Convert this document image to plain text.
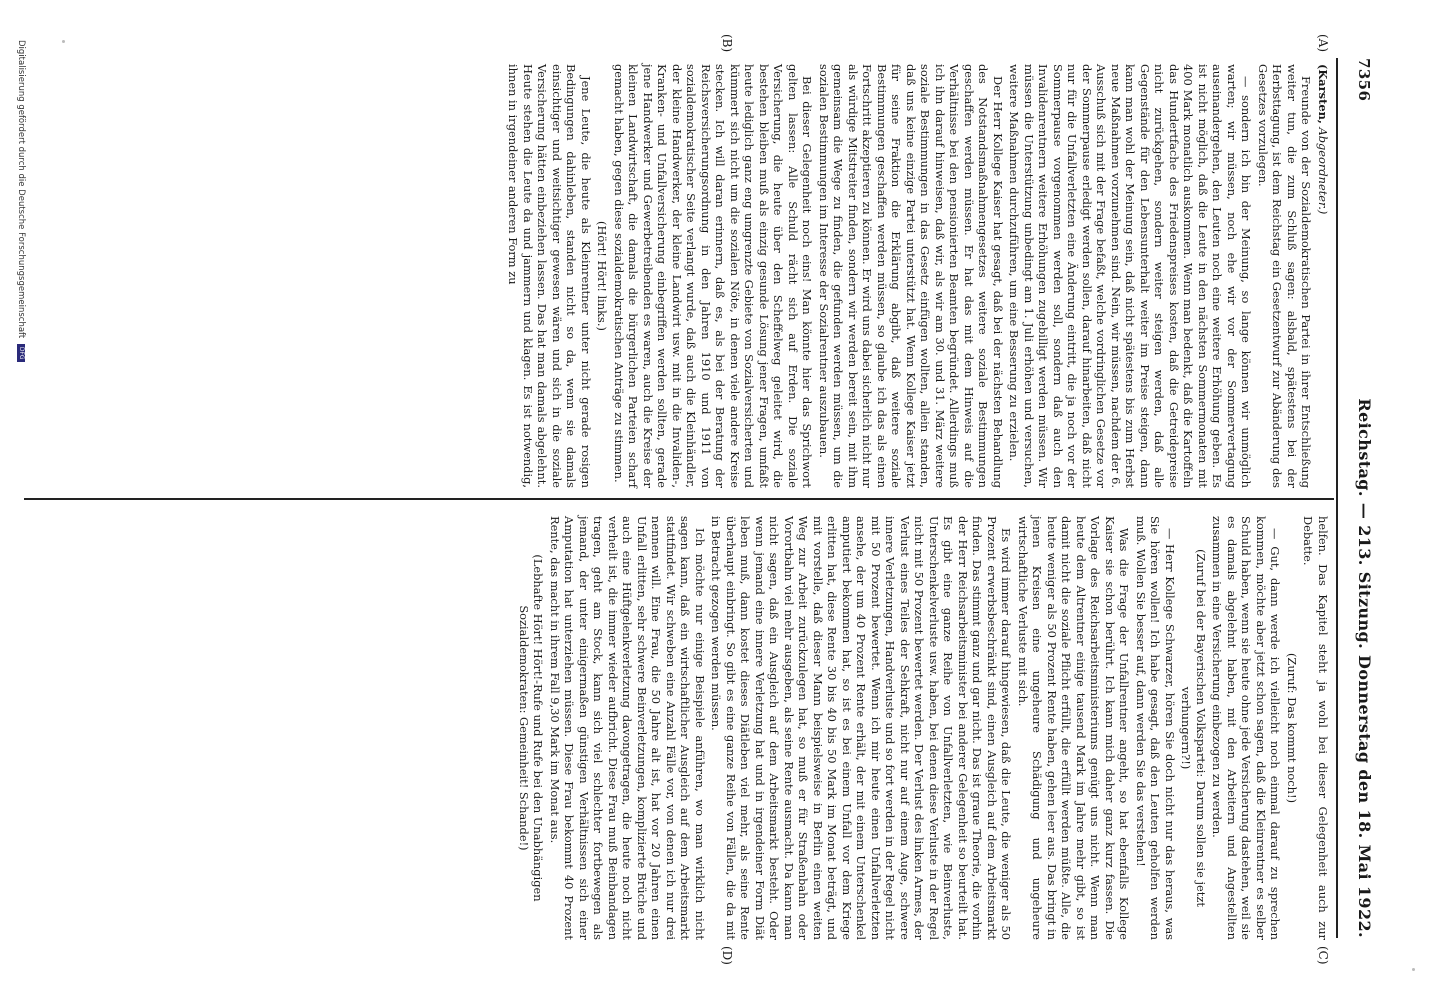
7356
Reichstag. — 213. Sitzung. Donnerstag den 18. Mai 1922.
(A)
(B)
(C)
(D)

(Karsten, Abgeordneter.)

Freunde von der Sozialdemokratischen Partei in ihrer Entschließung weiter tun, die zum Schluß sagen: alsbald, spätestens bei der Herbsttagung, ist dem Reichstag ein Gesetzentwurf zur Abänderung des Gesetzes vorzulegen.

— sondern ich bin der Meinung, so lange können wir unmöglich warten; wir müssen, noch ehe wir vor der Sommervertagung auseinandergehen, den Leuten noch eine weitere Erhöhung geben. Es ist nicht möglich, daß die Leute in den nächsten Sommermonaten mit 400 Mark monatlich auskommen. Wenn man bedenkt, daß die Kartoffeln das Hundertfache des Friedenspreises kosten, daß die Getreidepreise nicht zurückgehen, sondern weiter steigen werden, daß alle Gegenstände für den Lebensunterhalt weiter im Preise steigen, dann kann man wohl der Meinung sein, daß nicht spätestens bis zum Herbst neue Maßnahmen vorzunehmen sind. Nein, wir müssen, nachdem der 6. Ausschuß sich mit der Frage befaßt, welche vordringlichen Gesetze vor der Sommerpause erledigt werden sollen, darauf hinarbeiten, daß nicht nur für die Unfallverletzten eine Änderung eintritt, die ja noch vor der Sommerpause vorgenommen werden soll, sondern daß auch den Invalidenrentnern weitere Erhöhungen zugebilligt werden müssen. Wir müssen die Unterstützung unbedingt am 1. Juli erhöhen und versuchen, weitere Maßnahmen durchzuführen, um eine Besserung zu erzielen.

Der Herr Kollege Kaiser hat gesagt, daß bei der nächsten Behandlung des Notstandsmaßnahmengesetzes weitere soziale Bestimmungen geschaffen werden müssen. Er hat das mit dem Hinweis auf die Verhältnisse bei den pensionierten Beamten begründet. Allerdings muß ich ihn darauf hinweisen, daß wir, als wir am 30. und 31. März weitere soziale Bestimmungen in das Gesetz einfügen wollten, allein standen, daß uns keine einzige Partei unterstützt hat. Wenn Kollege Kaiser jetzt für seine Fraktion die Erklärung abgibt, daß weitere soziale Bestimmungen geschaffen werden müssen, so glaube ich das als einen Fortschritt akzeptieren zu können. Er wird uns dabei sicherlich nicht nur als würdige Mitstreiter finden, sondern wir werden bereit sein, mit ihm gemeinsam die Wege zu finden, die gefunden werden müssen, um die sozialen Bestimmungen im Interesse der Sozialrentner auszubauen.

Bei dieser Gelegenheit noch eins! Man könnte hier das Sprichwort gelten lassen: Alle Schuld rächt sich auf Erden. Die soziale Versicherung, die heute über den Scheffelweg geleitet wird, die bestehen bleiben muß als einzig gesunde Lösung jener Fragen, umfaßt heute lediglich ganz eng umgrenzte Gebiete von Sozialversicherten und kümmert sich nicht um die sozialen Nöte, in denen viele andere Kreise stecken. Ich will daran erinnern, daß es, als bei der Beratung der Reichsversicherungsordnung in den Jahren 1910 und 1911 von sozialdemokratischer Seite verlangt wurde, daß auch die Kleinhändler, der kleine Handwerker, der kleine Landwirt usw. mit in die Invaliden-, Kranken- und Unfallversicherung einbegriffen werden sollten, gerade jene Handwerker und Gewerbetreibenden es waren, auch die Kreise der kleinen Landwirtschaft, die damals die bürgerlichen Parteien scharf gemacht haben, gegen diese sozialdemokratischen Anträge zu stimmen.

(Hört! Hört! links.)

Jene Leute, die heute als Kleinrentner unter nicht gerade rosigen Bedingungen dahinleben, standen nicht so da, wenn sie damals einsichtiger und weitsichtiger gewesen wären und sich in die soziale Versicherung hätten einbeziehen lassen. Das hat man damals abgelehnt. Heute stehen die Leute da und jammern und klagen. Es ist notwendig, ihnen in irgendeiner anderen Form zu

helfen. Das Kapitel steht ja wohl bei dieser Gelegenheit auch zur Debatte.

(Zuruf: Das kommt noch!)

— Gut, dann werde ich vielleicht noch einmal darauf zu sprechen kommen, möchte aber jetzt schon sagen, daß die Kleinrentner es selber Schuld haben, wenn sie heute ohne jede Versicherung dastehen, weil sie es damals abgelehnt haben, mit den Arbeitern und Angestellten zusammen in eine Versicherung einbezogen zu werden.

(Zuruf bei der Bayerischen Volkspartei: Darum sollen sie jetzt verhungern?!)

— Herr Kollege Schwarzer, hören Sie doch nicht nur das heraus, was Sie hören wollen! Ich habe gesagt, daß den Leuten geholfen werden muß. Wollen Sie besser auf, dann werden Sie das verstehen!

Was die Frage der Unfallrentner angeht, so hat ebenfalls Kollege Kaiser sie schon berührt. Ich kann mich daher ganz kurz fassen. Die Vorlage des Reichsarbeitsministeriums genügt uns nicht. Wenn man heute dem Altrentner einige tausend Mark im Jahre mehr gibt, so ist damit nicht die soziale Pflicht erfüllt, die erfüllt werden müßte. Alle, die heute weniger als 50 Prozent Rente haben, gehen leer aus. Das bringt in jenen Kreisen eine ungeheure Schädigung und ungeheure wirtschaftliche Verluste mit sich.

Es wird immer darauf hingewiesen, daß die Leute, die weniger als 50 Prozent erwerbsbeschränkt sind, einen Ausgleich auf dem Arbeitsmarkt finden. Das stimmt ganz und gar nicht. Das ist graue Theorie, die vorhin der Herr Reichsarbeitsminister bei anderer Gelegenheit so beurteilt hat. Es gibt eine ganze Reihe von Unfallverletzten, wie Beinverluste, Unterschenkelverluste usw. haben, bei denen diese Verluste in der Regel nicht mit 50 Prozent bewertet werden. Der Verlust des linken Armes, der Verlust eines Teiles der Sehkraft, nicht nur auf einem Auge, schwere innere Verletzungen, Handverluste und so fort werden in der Regel nicht mit 50 Prozent bewertet. Wenn ich mir heute einen Unfallverletzten ansehe, der um 40 Prozent Rente erhält, der mit einem Unterschenkel amputiert bekommen hat, so ist es bei einem Unfall vor dem Kriege erlitten hat, diese Rente 30 bis 40 bis 50 Mark im Monat beträgt, und mit vorstelle, daß dieser Mann beispielsweise in Berlin einen weiten Weg zur Arbeit zurückzulegen hat, so muß er für Straßenbahn oder Vorortbahn viel mehr ausgeben, als seine Rente ausmacht. Da kann man nicht sagen, daß ein Ausgleich auf dem Arbeitsmarkt besteht. Oder wenn jemand eine innere Verletzung hat und in irgendeiner Form Diät leben muß, dann kostet dieses Diätleben viel mehr, als seine Rente überhaupt einbringt. So gibt es eine ganze Reihe von Fällen, die da mit in Betracht gezogen werden müssen.

Ich möchte nur einige Beispiele anführen, wo man wirklich nicht sagen kann, daß ein wirtschaftlicher Ausgleich auf dem Arbeitsmarkt stattfindet. Wir schweben eine Anzahl Fälle vor, von denen ich nur drei nennen will. Eine Frau, die 50 Jahre alt ist, hat vor 20 Jahren einen Unfall erlitten, sehr schwere Beinverletzungen, komplizierte Brüche und auch eine Hüftgelenkverletzung davongetragen, die heute noch nicht verheilt ist, die immer wieder aufbricht. Diese Frau muß Beinbandagen tragen, geht am Stock, kann sich viel schlechter fortbewegen als jemand, der unter einigermaßen günstigen Verhältnissen sich einer Amputation hat unterziehen müssen. Diese Frau bekommt 40 Prozent Rente, das macht in ihrem Fall 9,30 Mark im Monat aus.

(Lebhafte Hört! Hört!-Rufe und Rufe bei den Unabhängigen Sozialdemokraten: Gemeinheit! Schande!)

Digitalisierung gefördert durch die Deutsche Forschungsgemeinschaft
DFG
